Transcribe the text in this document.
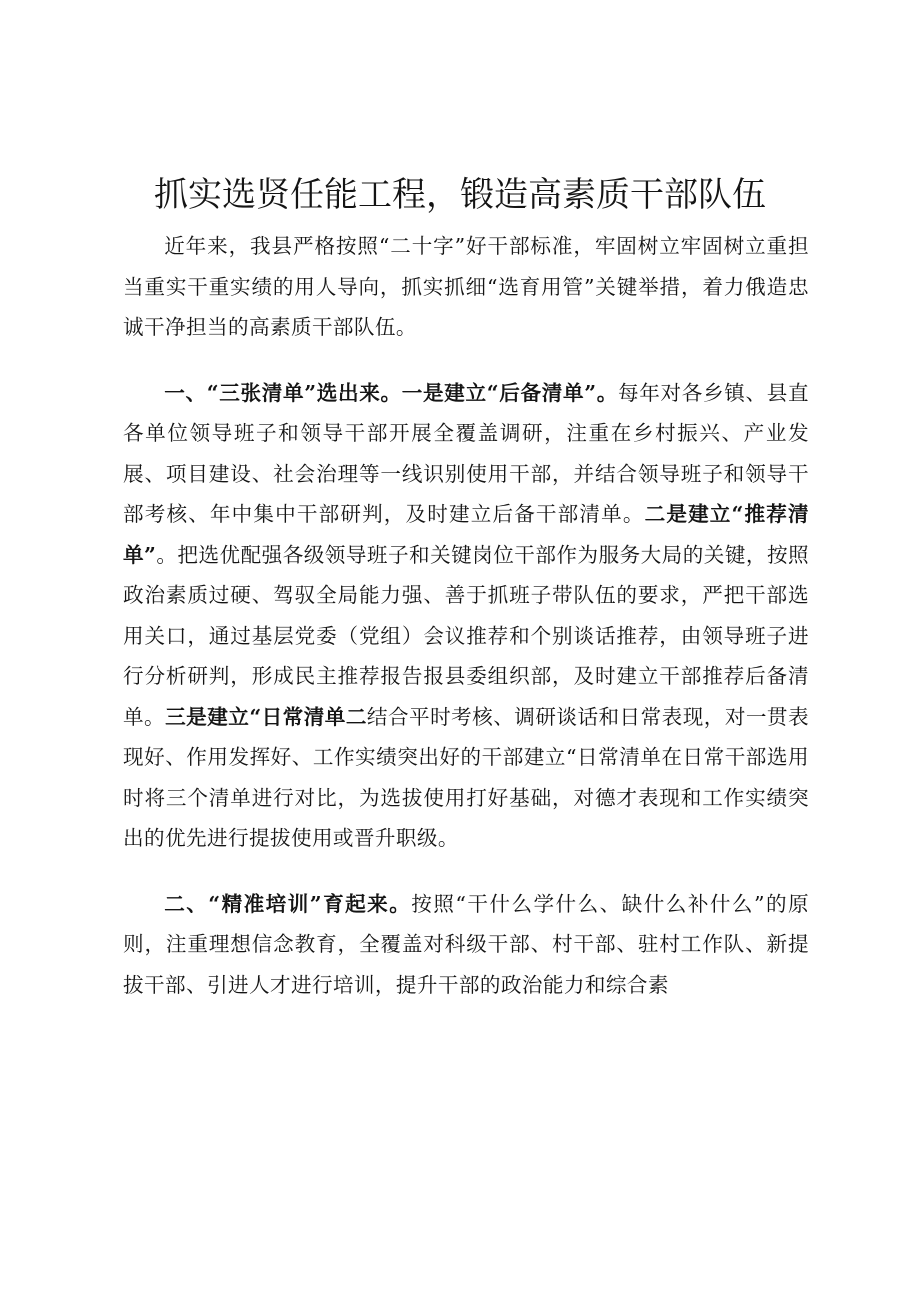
抓实选贤任能工程，锻造高素质干部队伍

近年来，我县严格按照“二十字”好干部标准，牢固树立牢固树立重担当重实干重实绩的用人导向，抓实抓细“选育用管”关键举措，着力俄造忠诚干净担当的高素质干部队伍。

一、“三张清单”选出来。一是建立“后备清单”。每年对各乡镇、县直各单位领导班子和领导干部开展全覆盖调研，注重在乡村振兴、产业发展、项目建设、社会治理等一线识别使用干部，并结合领导班子和领导干部考核、年中集中干部研判，及时建立后备干部清单。二是建立“推荐清单”。把选优配强各级领导班子和关键岗位干部作为服务大局的关键，按照政治素质过硬、驾驭全局能力强、善于抓班子带队伍的要求，严把干部选用关口，通过基层党委（党组）会议推荐和个别谈话推荐，由领导班子进行分析研判，形成民主推荐报告报县委组织部，及时建立干部推荐后备清单。三是建立“日常清单二结合平时考核、调研谈话和日常表现，对一贯表现好、作用发挥好、工作实绩突出好的干部建立“日常清单在日常干部选用时将三个清单进行对比，为选拔使用打好基础，对德才表现和工作实绩突出的优先进行提拔使用或晋升职级。

二、“精准培训”育起来。按照“干什么学什么、缺什么补什么”的原则，注重理想信念教育，全覆盖对科级干部、村干部、驻村工作队、新提拔干部、引进人才进行培训，提升干部的政治能力和综合素
